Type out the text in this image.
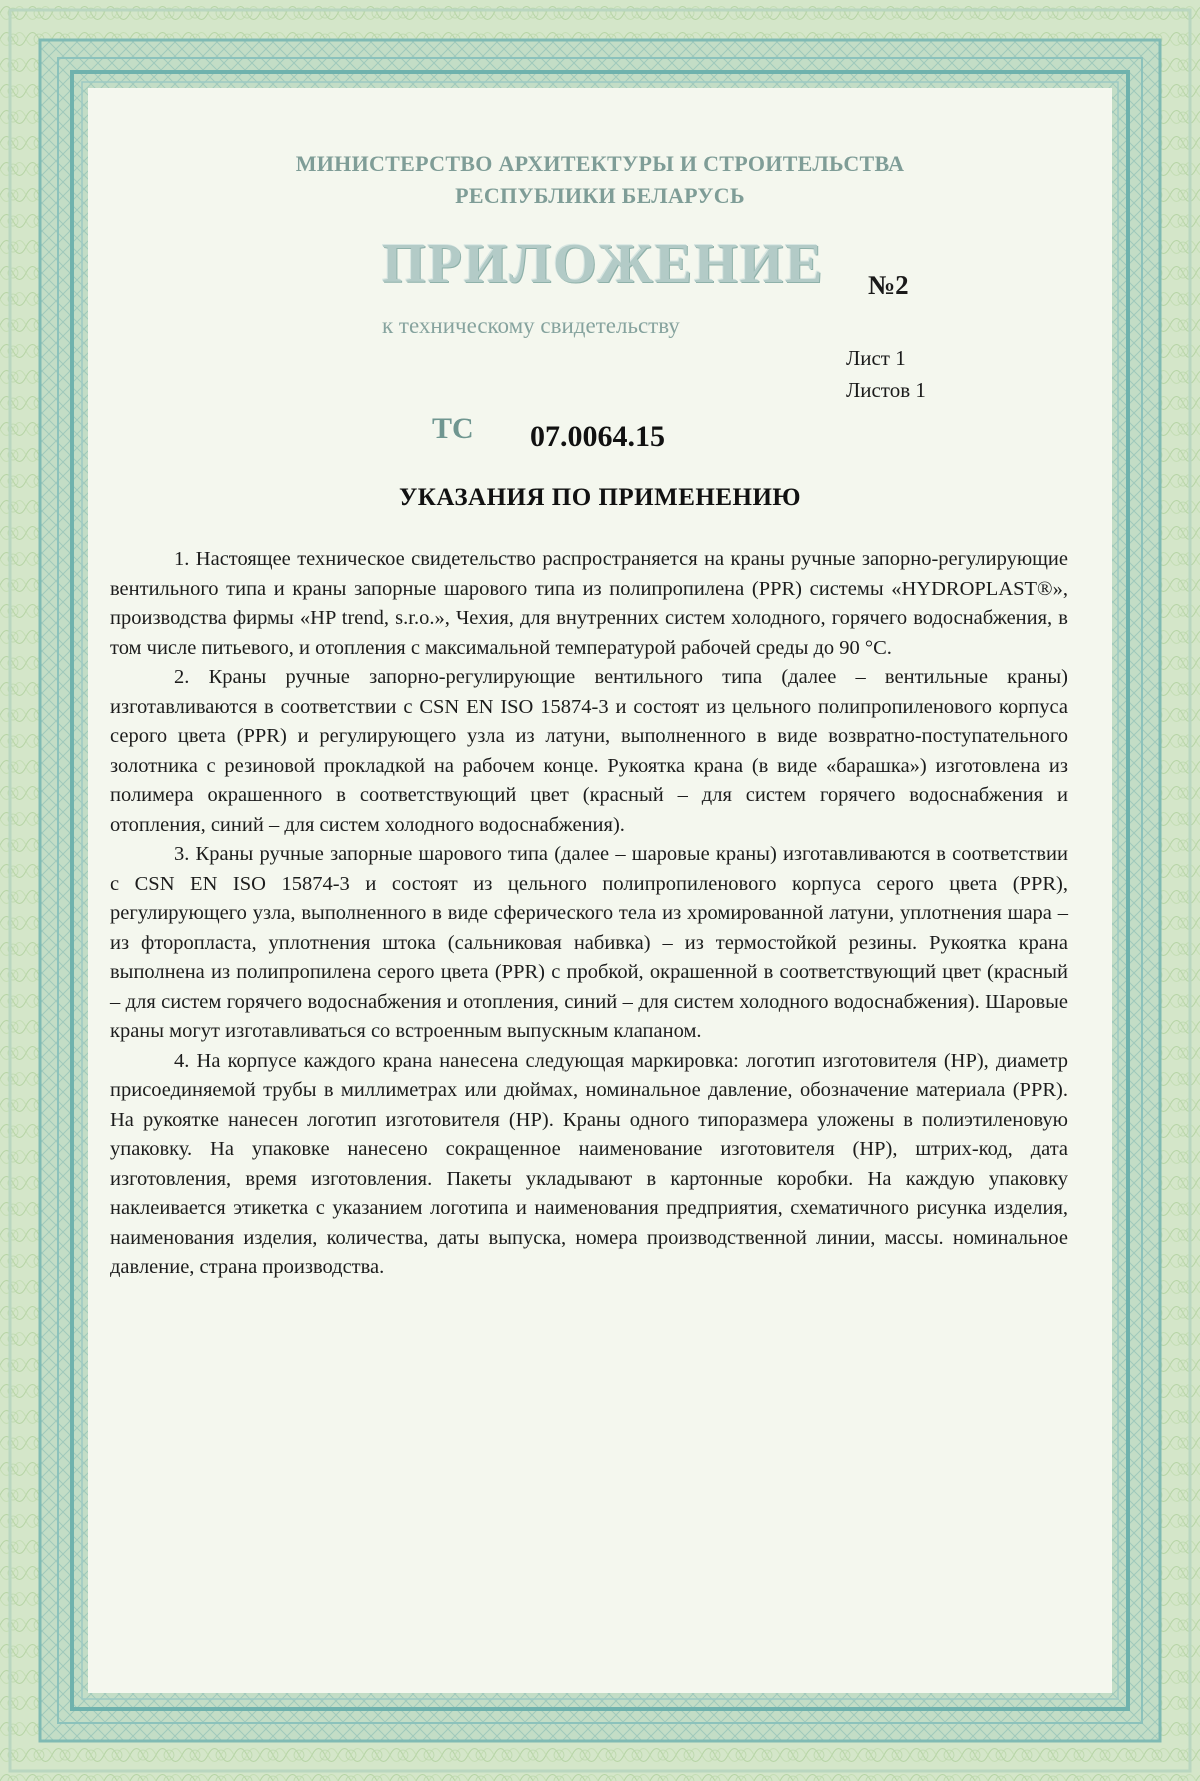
МИНИСТЕРСТВО АРХИТЕКТУРЫ И СТРОИТЕЛЬСТВА
РЕСПУБЛИКИ БЕЛАРУСЬ
ПРИЛОЖЕНИЕ №2
к техническому свидетельству
Лист 1
Листов 1
ТС 07.0064.15
УКАЗАНИЯ ПО ПРИМЕНЕНИЮ

1. Настоящее техническое свидетельство распространяется на краны ручные запорно-регулирующие вентильного типа и краны запорные шарового типа из полипропилена (PPR) системы «HYDROPLAST®», производства фирмы «HP trend, s.r.o.», Чехия, для внутренних систем холодного, горячего водоснабжения, в том числе питьевого, и отопления с максимальной температурой рабочей среды до 90 °С.

2. Краны ручные запорно-регулирующие вентильного типа (далее – вентильные краны) изготавливаются в соответствии с CSN EN ISO 15874-3 и состоят из цельного полипропиленового корпуса серого цвета (PPR) и регулирующего узла из латуни, выполненного в виде возвратно-поступательного золотника с резиновой прокладкой на рабочем конце. Рукоятка крана (в виде «барашка») изготовлена из полимера окрашенного в соответствующий цвет (красный – для систем горячего водоснабжения и отопления, синий – для систем холодного водоснабжения).

3. Краны ручные запорные шарового типа (далее – шаровые краны) изготавливаются в соответствии с CSN EN ISO 15874-3 и состоят из цельного полипропиленового корпуса серого цвета (PPR), регулирующего узла, выполненного в виде сферического тела из хромированной латуни, уплотнения шара – из фторопласта, уплотнения штока (сальниковая набивка) – из термостойкой резины. Рукоятка крана выполнена из полипропилена серого цвета (PPR) с пробкой, окрашенной в соответствующий цвет (красный – для систем горячего водоснабжения и отопления, синий – для систем холодного водоснабжения). Шаровые краны могут изготавливаться со встроенным выпускным клапаном.

4. На корпусе каждого крана нанесена следующая маркировка: логотип изготовителя (HP), диаметр присоединяемой трубы в миллиметрах или дюймах, номинальное давление, обозначение материала (PPR). На рукоятке нанесен логотип изготовителя (HP). Краны одного типоразмера уложены в полиэтиленовую упаковку. На упаковке нанесено сокращенное наименование изготовителя (HP), штрих-код, дата изготовления, время изготовления. Пакеты укладывают в картонные коробки. На каждую упаковку наклеивается этикетка с указанием логотипа и наименования предприятия, схематичного рисунка изделия, наименования изделия, количества, даты выпуска, номера производственной линии, массы. номинальное давление, страна производства.
